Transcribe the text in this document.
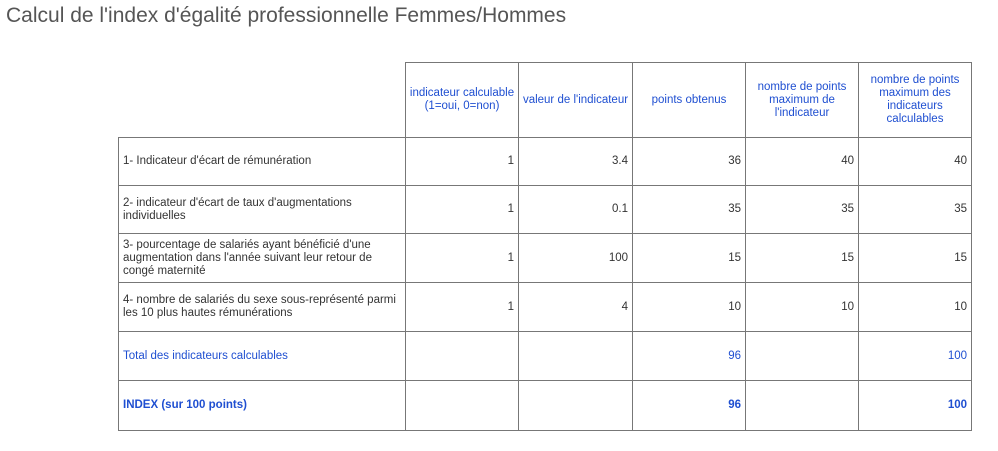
Calcul de l'index d'égalité professionnelle Femmes/Hommes
	indicateur calculable (1=oui, 0=non)	valeur de l'indicateur	points obtenus	nombre de points maximum de l'indicateur	nombre de points maximum des indicateurs calculables
1- Indicateur d'écart de rémunération	1	3.4	36	40	40
2- indicateur d'écart de taux d'augmentations individuelles	1	0.1	35	35	35
3- pourcentage de salariés ayant bénéficié d'une augmentation dans l'année suivant leur retour de congé maternité	1	100	15	15	15
4- nombre de salariés du sexe sous-représenté parmi les 10 plus hautes rémunérations	1	4	10	10	10
Total des indicateurs calculables			96		100
INDEX (sur 100 points)			96		100
